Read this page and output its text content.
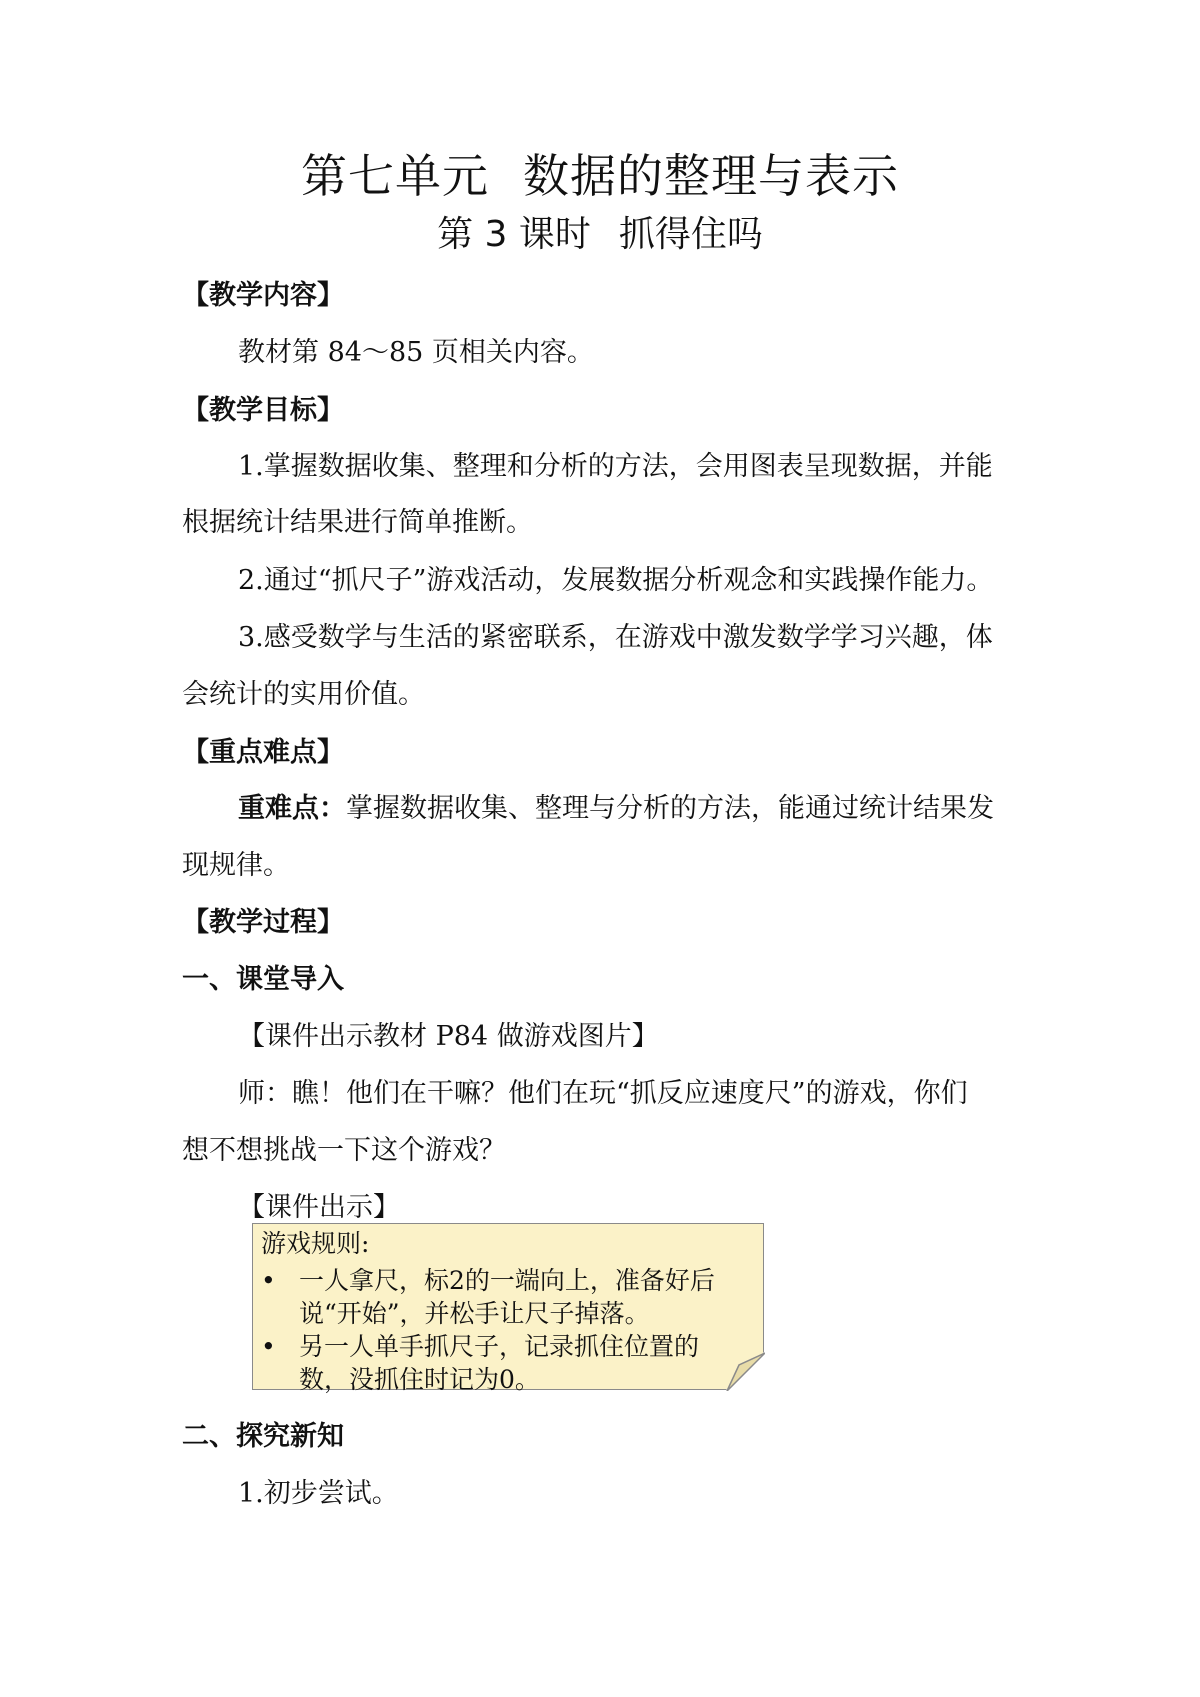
第七单元 数据的整理与表示
第 3 课时 抓得住吗
【教学内容】
教材第 84～85 页相关内容。
【教学目标】
1.掌握数据收集、整理和分析的方法，会用图表呈现数据，并能
根据统计结果进行简单推断。
2.通过“抓尺子”游戏活动，发展数据分析观念和实践操作能力。
3.感受数学与生活的紧密联系，在游戏中激发数学学习兴趣，体
会统计的实用价值。
【重点难点】
重难点：掌握数据收集、整理与分析的方法，能通过统计结果发
现规律。
【教学过程】
一、课堂导入
【课件出示教材 P84 做游戏图片】
师：瞧！他们在干嘛？他们在玩“抓反应速度尺”的游戏，你们
想不想挑战一下这个游戏？
【课件出示】
游戏规则:
• 一人拿尺，标2的一端向上，准备好后
说“开始”，并松手让尺子掉落。
• 另一人单手抓尺子，记录抓住位置的
数，没抓住时记为0。
二、探究新知
1.初步尝试。
